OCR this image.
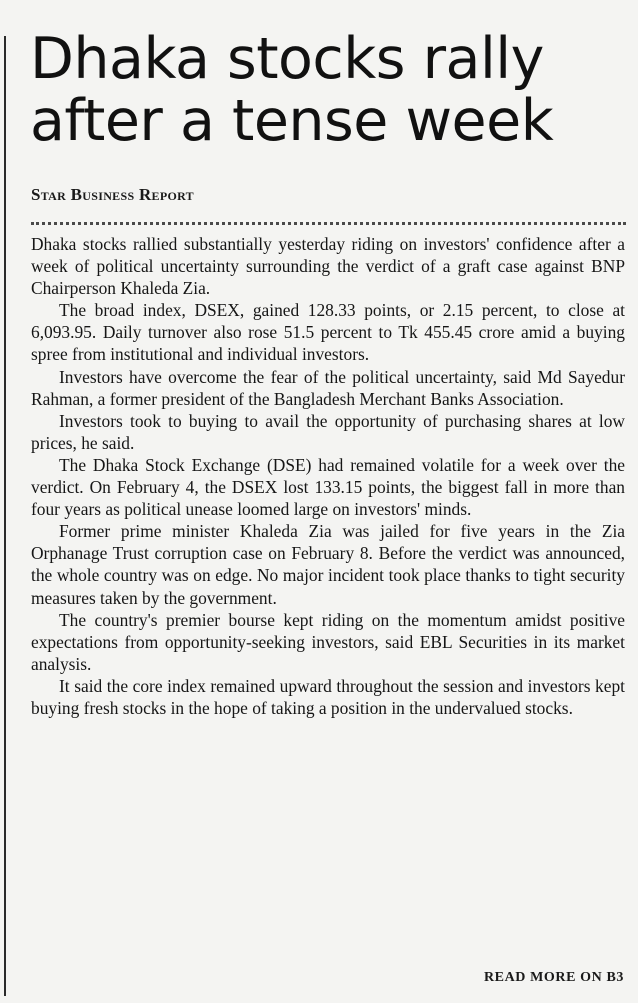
Dhaka stocks rally after a tense week
Star Business Report

Dhaka stocks rallied substantially yesterday riding on investors' confidence after a week of political uncertainty surrounding the verdict of a graft case against BNP Chairperson Khaleda Zia.

The broad index, DSEX, gained 128.33 points, or 2.15 percent, to close at 6,093.95. Daily turnover also rose 51.5 percent to Tk 455.45 crore amid a buying spree from institutional and individual investors.

Investors have overcome the fear of the political uncertainty, said Md Sayedur Rahman, a former president of the Bangladesh Merchant Banks Association.

Investors took to buying to avail the opportunity of purchasing shares at low prices, he said.

The Dhaka Stock Exchange (DSE) had remained volatile for a week over the verdict. On February 4, the DSEX lost 133.15 points, the biggest fall in more than four years as political unease loomed large on investors' minds.

Former prime minister Khaleda Zia was jailed for five years in the Zia Orphanage Trust corruption case on February 8. Before the verdict was announced, the whole country was on edge. No major incident took place thanks to tight security measures taken by the government.

The country's premier bourse kept riding on the momentum amidst positive expectations from opportunity-seeking investors, said EBL Securities in its market analysis.

It said the core index remained upward throughout the session and investors kept buying fresh stocks in the hope of taking a position in the undervalued stocks.

READ MORE ON B3
